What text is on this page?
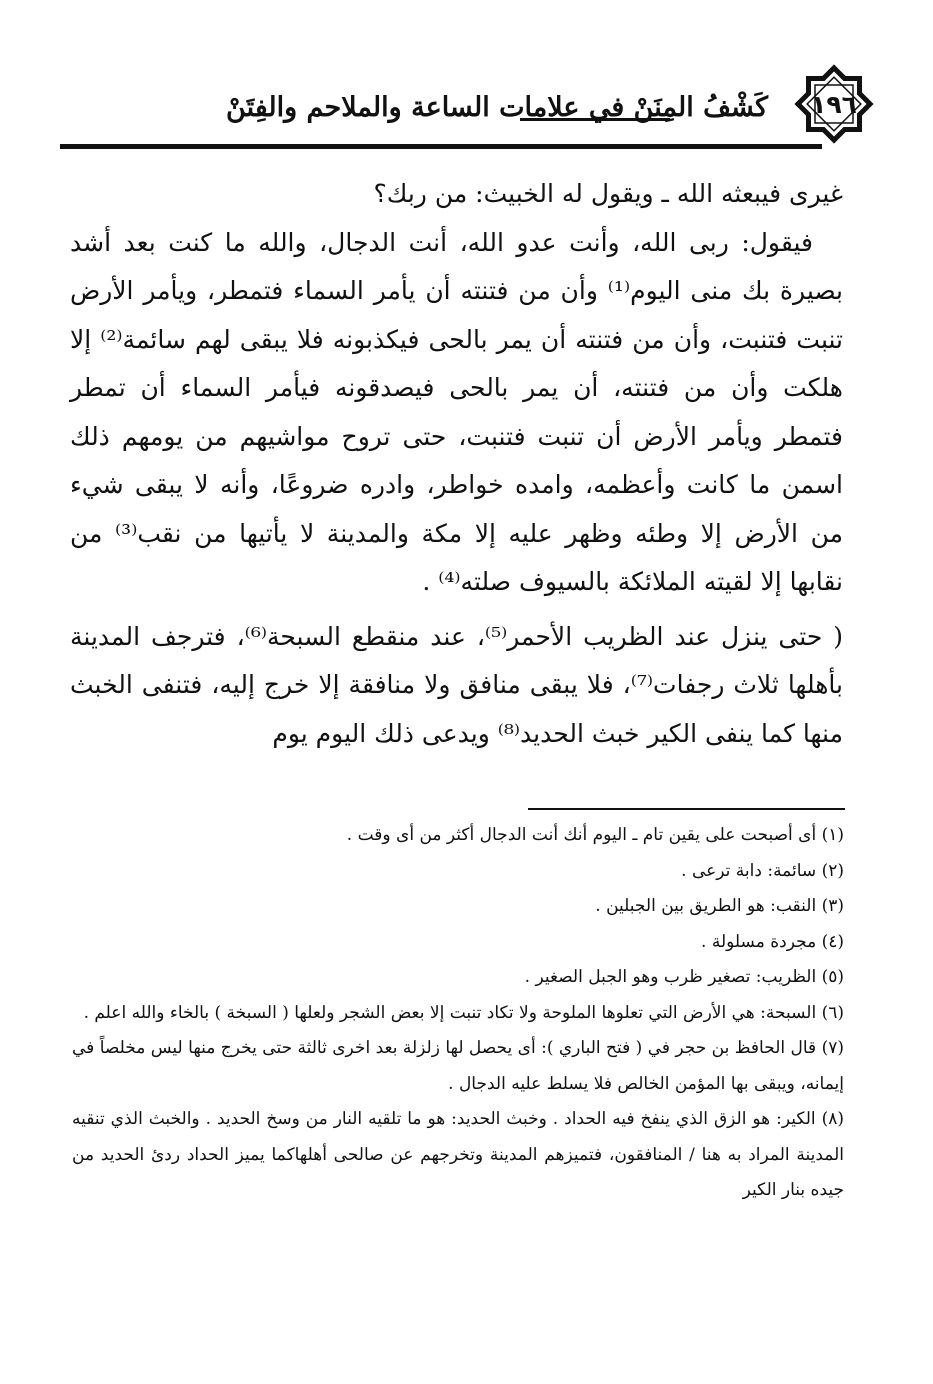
كَشْفُ المِنَنْ في علامات الساعة والملاحم والفِتَنْ	١٩٦

غيرى فيبعثه الله ـ ويقول له الخبيث: من ربك؟

فيقول: ربى الله، وأنت عدو الله، أنت الدجال، والله ما كنت بعد أشد بصيرة بك منى اليوم⁽¹⁾ وأن من فتنته أن يأمر السماء فتمطر، ويأمر الأرض تنبت فتنبت، وأن من فتنته أن يمر بالحى فيكذبونه فلا يبقى لهم سائمة⁽²⁾ إلا هلكت وأن من فتنته، أن يمر بالحى فيصدقونه فيأمر السماء أن تمطر فتمطر ويأمر الأرض أن تنبت فتنبت، حتى تروح مواشيهم من يومهم ذلك اسمن ما كانت وأعظمه، وامده خواطر، وادره ضروعًا، وأنه لا يبقى شيء من الأرض إلا وطئه وظهر عليه إلا مكة والمدينة لا يأتيها من نقب⁽³⁾ من نقابها إلا لقيته الملائكة بالسيوف صلته⁽⁴⁾ .

( حتى ينزل عند الظريب الأحمر⁽⁵⁾، عند منقطع السبحة⁽⁶⁾، فترجف المدينة بأهلها ثلاث رجفات⁽⁷⁾، فلا يبقى منافق ولا منافقة إلا خرج إليه، فتنفى الخبث منها كما ينفى الكير خبث الحديد⁽⁸⁾ ويدعى ذلك اليوم يوم

(١) أى أصبحت على يقين تام ـ اليوم أنك أنت الدجال أكثر من أى وقت .

(٢) سائمة: دابة ترعى .

(٣) النقب: هو الطريق بين الجبلين .

(٤) مجردة مسلولة .

(٥) الظريب: تصغير ظرب وهو الجبل الصغير .

(٦) السبحة: هي الأرض التي تعلوها الملوحة ولا تكاد تنبت إلا بعض الشجر ولعلها ( السبخة ) بالخاء والله اعلم .

(٧) قال الحافظ بن حجر في ( فتح الباري ): أى يحصل لها زلزلة بعد اخرى ثالثة حتى يخرج منها ليس مخلصاً في إيمانه، ويبقى بها المؤمن الخالص فلا يسلط عليه الدجال .

(٨) الكير: هو الزق الذي ينفخ فيه الحداد . وخبث الحديد: هو ما تلقيه النار من وسخ الحديد . والخبث الذي تنقيه المدينة المراد به هنا / المنافقون، فتميزهم المدينة وتخرجهم عن صالحى أهلهاكما يميز الحداد ردئ الحديد من جيده بنار الكير
